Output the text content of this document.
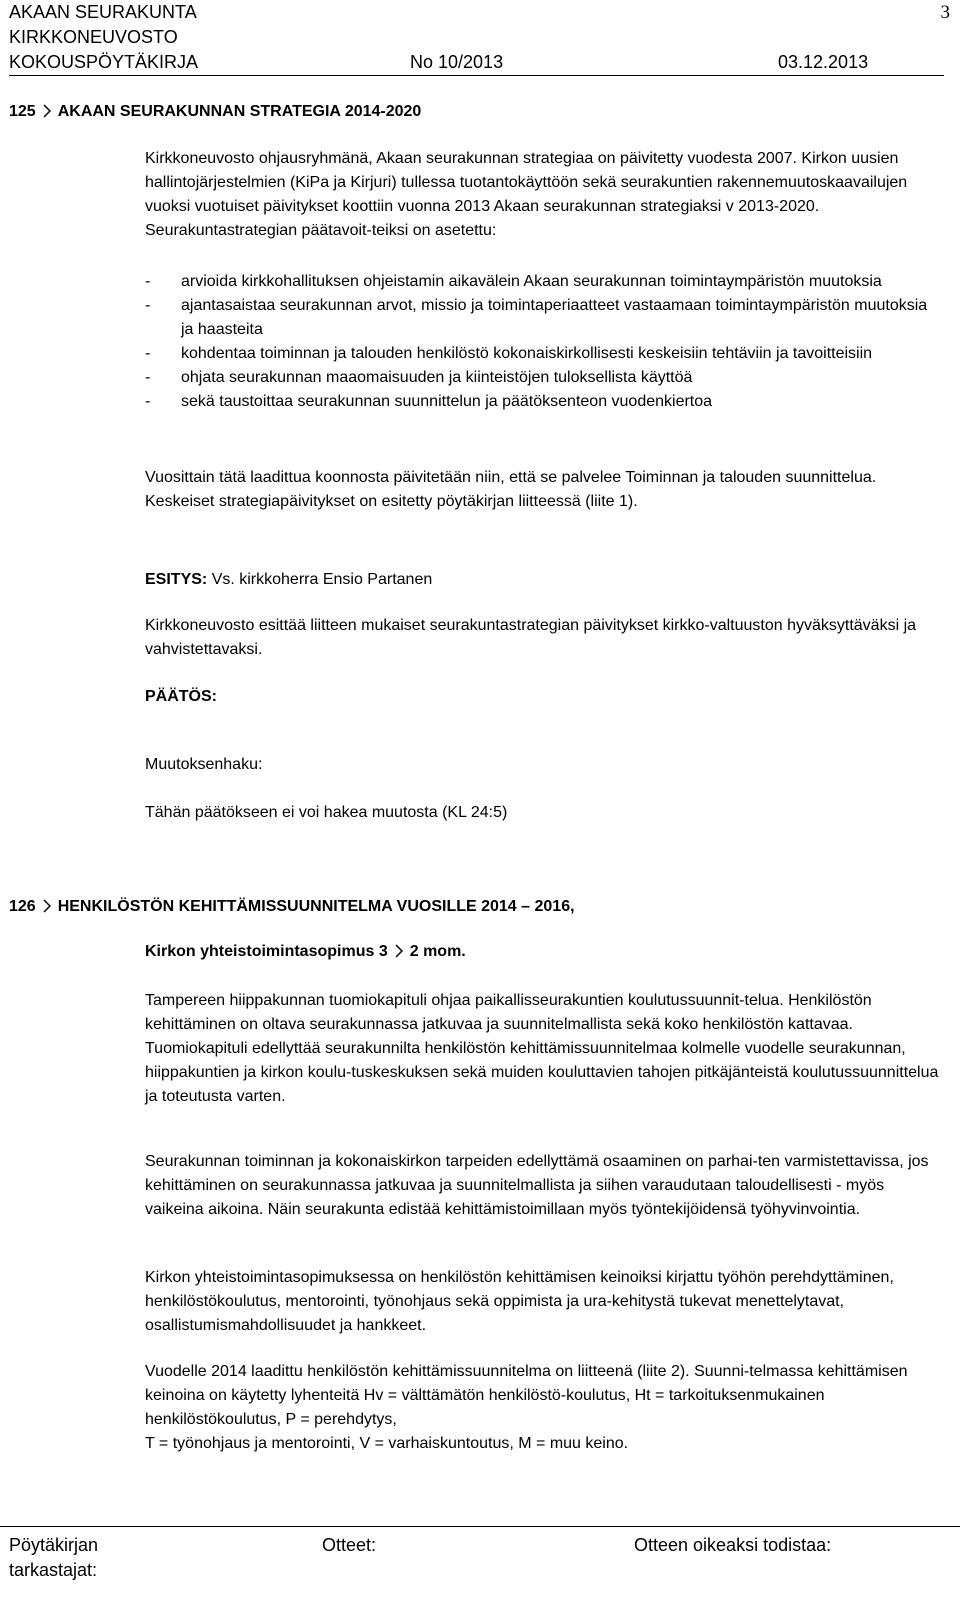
AKAAN SEURAKUNTA	3
KIRKKONEUVOSTO
KOKOUSPÖYTÄKIRJA	No 10/2013	03.12.2013
125 AKAAN SEURAKUNNAN STRATEGIA 2014-2020
Kirkkoneuvosto ohjausryhmänä, Akaan seurakunnan strategiaa on päivitetty vuodesta 2007. Kirkon uusien hallintojärjestelmien (KiPa ja Kirjuri) tullessa tuotantokäyttöön sekä seurakuntien rakennemuutoskaavailujen vuoksi vuotuiset päivitykset koottiin vuonna 2013 Akaan seurakunnan strategiaksi v 2013-2020. Seurakuntastrategian päätavoit-teiksi on asetettu:
- arvioida kirkkohallituksen ohjeistamin aikavälein Akaan seurakunnan toimintaympäristön muutoksia
- ajantasaistaa seurakunnan arvot, missio ja toimintaperiaatteet vastaamaan toimintaympäristön muutoksia ja haasteita
- kohdentaa toiminnan ja talouden henkilöstö kokonaiskirkollisesti keskeisiin tehtäviin ja tavoitteisiin
- ohjata seurakunnan maaomaisuuden ja kiinteistöjen tuloksellista käyttöä
- sekä taustoittaa seurakunnan suunnittelun ja päätöksenteon vuodenkiertoa
Vuosittain tätä laadittua koonnosta päivitetään niin, että se palvelee Toiminnan ja talouden suunnittelua. Keskeiset strategiapäivitykset on esitetty pöytäkirjan liitteessä (liite 1).
ESITYS: Vs. kirkkoherra Ensio Partanen
Kirkkoneuvosto esittää liitteen mukaiset seurakuntastrategian päivitykset kirkko-valtuuston hyväksyttäväksi ja vahvistettavaksi.
PÄÄTÖS:
Muutoksenhaku:
Tähän päätökseen ei voi hakea muutosta (KL 24:5)
126 HENKILÖSTÖN KEHITTÄMISSUUNNITELMA VUOSILLE 2014 – 2016,
Kirkon yhteistoimintasopimus 3 2 mom.
Tampereen hiippakunnan tuomiokapituli ohjaa paikallisseurakuntien koulutussuunnit-telua. Henkilöstön kehittäminen on oltava seurakunnassa jatkuvaa ja suunnitelmallista sekä koko henkilöstön kattavaa. Tuomiokapituli edellyttää seurakunnilta henkilöstön kehittämissuunnitelmaa kolmelle vuodelle seurakunnan, hiippakuntien ja kirkon koulu-tuskeskuksen sekä muiden kouluttavien tahojen pitkäjänteistä koulutussuunnittelua ja toteutusta varten.
Seurakunnan toiminnan ja kokonaiskirkon tarpeiden edellyttämä osaaminen on parhai-ten varmistettavissa, jos kehittäminen on seurakunnassa jatkuvaa ja suunnitelmallista ja siihen varaudutaan taloudellisesti - myös vaikeina aikoina. Näin seurakunta edistää kehittämistoimillaan myös työntekijöidensä työhyvinvointia.
Kirkon yhteistoimintasopimuksessa on henkilöstön kehittämisen keinoiksi kirjattu työhön perehdyttäminen, henkilöstökoulutus, mentorointi, työnohjaus sekä oppimista ja ura-kehitystä tukevat menettelytavat, osallistumismahdollisuudet ja hankkeet.
Vuodelle 2014 laadittu henkilöstön kehittämissuunnitelma on liitteenä (liite 2). Suunni-telmassa kehittämisen keinoina on käytetty lyhenteitä Hv = välttämätön henkilöstö-koulutus, Ht = tarkoituksenmukainen henkilöstökoulutus, P = perehdytys,
T = työnohjaus ja mentorointi, V = varhaiskuntoutus, M = muu keino.
Pöytäkirjan tarkastajat:
Otteet:	Otteen oikeaksi todistaa:
